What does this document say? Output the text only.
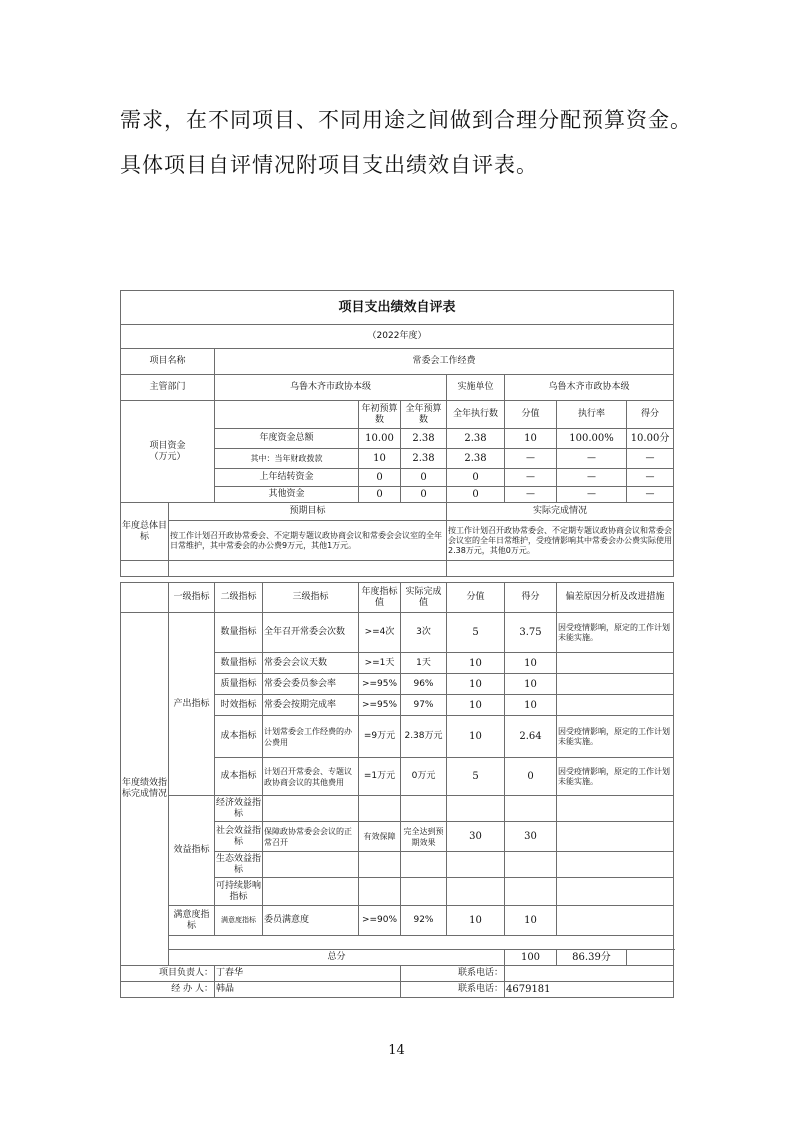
需求，在不同项目、不同用途之间做到合理分配预算资金。

具体项目自评情况附项目支出绩效自评表。

项目支出绩效自评表									
（2022年度）									
项目名称		常委会工作经费							
主管部门		乌鲁木齐市政协本级				实施单位	乌鲁木齐市政协本级		
项目资金
（万元）				年初预算数	全年预算数	全年执行数	分值	执行率	得分
		年度资金总额		10.00	2.38	2.38	10	100.00%	10.00分
		其中：当年财政拨款		10	2.38	2.38	—	—	—
		上年结转资金		0	0	0	—	—	—
		其他资金		0	0	0	—	—	—
年度总体目标	预期目标					实际完成情况			
	按工作计划召开政协常委会、不定期专题议政协商会议和常委会会议室的全年日常维护，其中常委会的办公费9万元，其他1万元。					按工作计划召开政协常委会、不定期专题议政协商会议和常委会会议室的全年日常维护，受疫情影响其中常委会办公费实际使用2.38万元，其他0万元。			

	一级指标	二级指标	三级指标	年度指标值	实际完成值	分值	得分	偏差原因分析及改进措施	
年度绩效指标完成情况	产出指标	数量指标	全年召开常委会次数	>=4次	3次	5	3.75	因受疫情影响，原定的工作计划未能实施。	
		数量指标	常委会会议天数	>=1天	1天	10	10		
		质量指标	常委会委员参会率	>=95%	96%	10	10		
		时效指标	常委会按期完成率	>=95%	97%	10	10		
		成本指标	计划常委会工作经费的办公费用	=9万元	2.38万元	10	2.64	因受疫情影响，原定的工作计划未能实施。	
		成本指标	计划召开常委会、专题议政协商会议的其他费用	=1万元	0万元	5	0	因受疫情影响，原定的工作计划未能实施。	
	效益指标	经济效益指标							
		社会效益指标	保障政协常委会会议的正常召开	有效保障	完全达到预期效果	30	30		
		生态效益指标							
		可持续影响指标							
	满意度指标	满意度指标	委员满意度	>=90%	92%	10	10		

	总分						100	86.39分	
项目负责人：		丁春华			联系电话：				
经 办 人：		韩晶			联系电话：		4679181		
14
